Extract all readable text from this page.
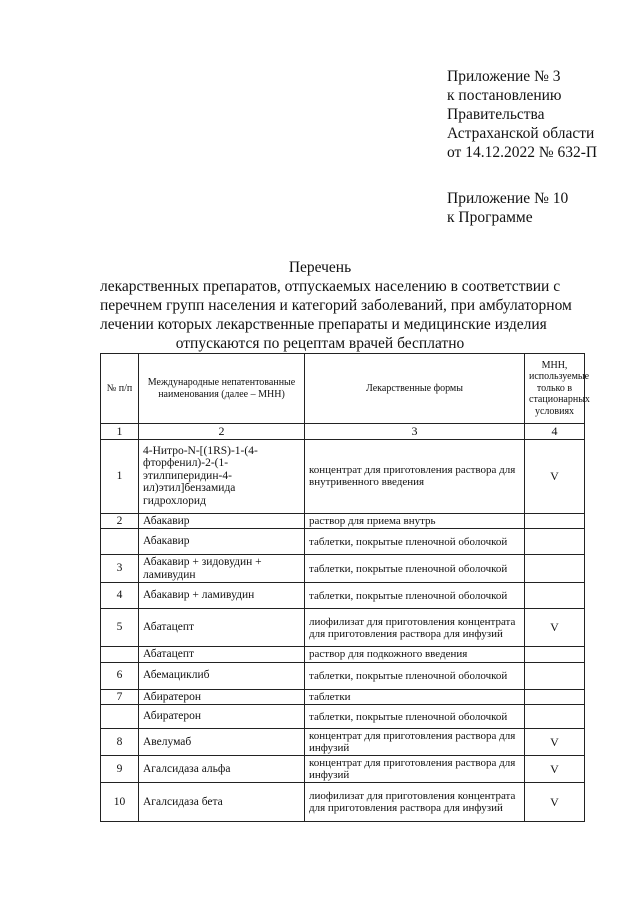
Приложение № 3
к постановлению
Правительства
Астраханской области
от 14.12.2022 № 632-П
Приложение № 10
к Программе
Перечень
лекарственных препаратов, отпускаемых населению в соответствии с
перечнем групп населения и категорий заболеваний, при амбулаторном
лечении которых лекарственные препараты и медицинские изделия
отпускаются по рецептам врачей бесплатно
№ п/п	Международные непатентованные наименования (далее – МНН)	Лекарственные формы	МНН, используемые только в стационарных условиях
1	2	3	4
1	4-Нитро-N-[(1RS)-1-(4-фторфенил)-2-(1-этилпиперидин-4-ил)этил]бензамида гидрохлорид	концентрат для приготовления раствора для внутривенного введения	V
2	Абакавир	раствор для приема внутрь	
	Абакавир	таблетки, покрытые пленочной оболочкой	
3	Абакавир + зидовудин + ламивудин	таблетки, покрытые пленочной оболочкой	
4	Абакавир + ламивудин	таблетки, покрытые пленочной оболочкой	
5	Абатацепт	лиофилизат для приготовления концентрата для приготовления раствора для инфузий	V
	Абатацепт	раствор для подкожного введения	
6	Абемациклиб	таблетки, покрытые пленочной оболочкой	
7	Абиратерон	таблетки	
	Абиратерон	таблетки, покрытые пленочной оболочкой	
8	Авелумаб	концентрат для приготовления раствора для инфузий	V
9	Агалсидаза альфа	концентрат для приготовления раствора для инфузий	V
10	Агалсидаза бета	лиофилизат для приготовления концентрата для приготовления раствора для инфузий	V
